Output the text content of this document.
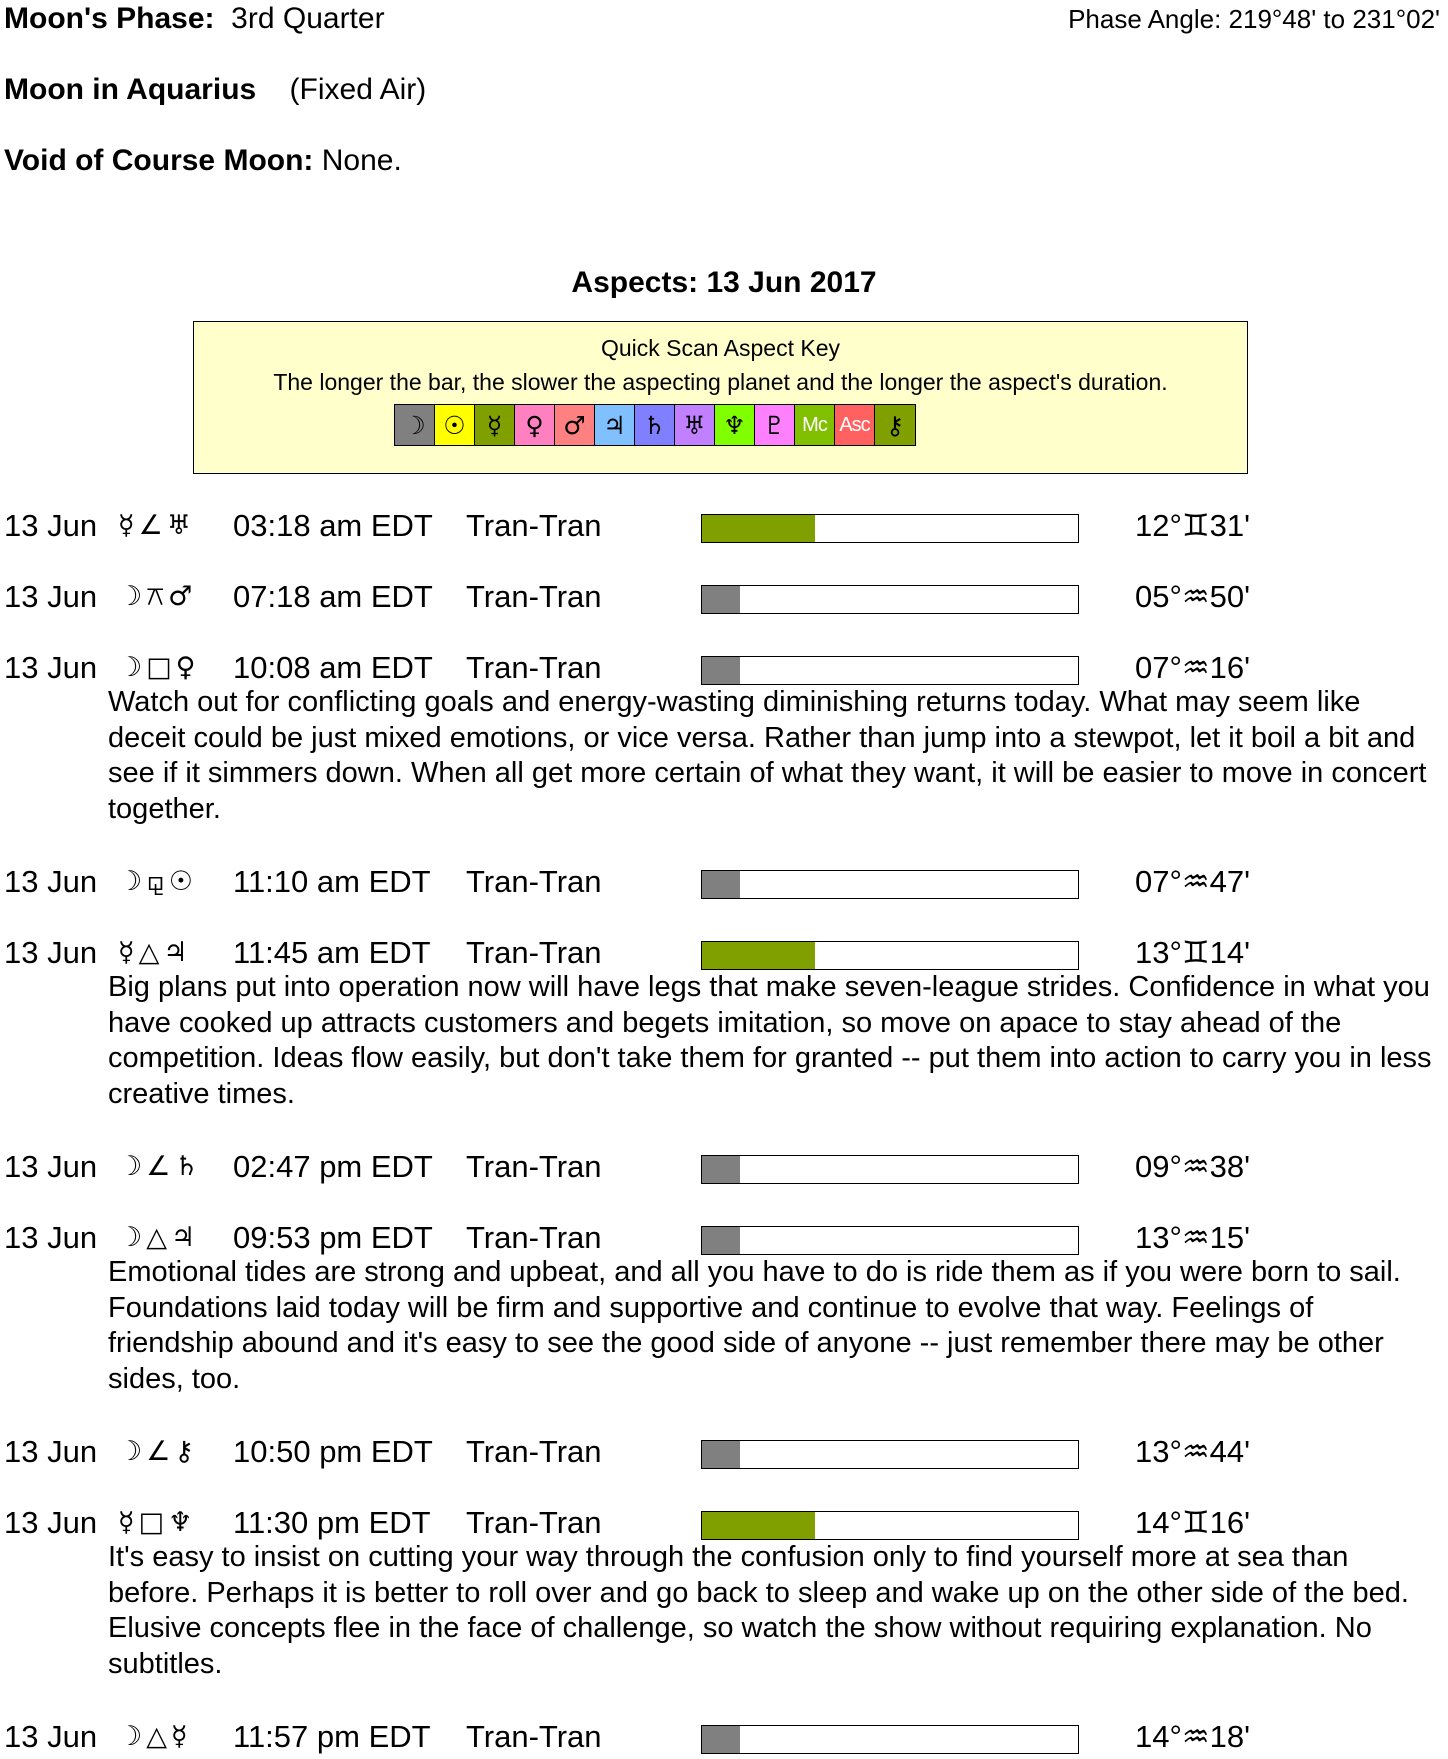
Moon's Phase: 3rd Quarter	Phase Angle: 219°48' to 231°02'
Moon in Aquarius (Fixed Air)
Void of Course Moon: None.
Aspects: 13 Jun 2017
Quick Scan Aspect Key
The longer the bar, the slower the aspecting planet and the longer the aspect's duration.
☽ ☉ ☿ ♀ ♂ ♃ ♄ ♅ ♆ ♇ Mc Asc ⚷
13 Jun ☿∠♅ 03:18 am EDT Tran-Tran	12°♊31'
13 Jun ☽⚻♂ 07:18 am EDT Tran-Tran	05°♒50'
13 Jun ☽□♀ 10:08 am EDT Tran-Tran	07°♒16'
Watch out for conflicting goals and energy-wasting diminishing returns today. What may seem like deceit could be just mixed emotions, or vice versa. Rather than jump into a stewpot, let it boil a bit and see if it simmers down. When all get more certain of what they want, it will be easier to move in concert together.
13 Jun ☽⚼☉ 11:10 am EDT Tran-Tran	07°♒47'
13 Jun ☿△♃ 11:45 am EDT Tran-Tran	13°♊14'
Big plans put into operation now will have legs that make seven-league strides. Confidence in what you have cooked up attracts customers and begets imitation, so move on apace to stay ahead of the competition. Ideas flow easily, but don't take them for granted -- put them into action to carry you in less creative times.
13 Jun ☽∠♄ 02:47 pm EDT Tran-Tran	09°♒38'
13 Jun ☽△♃ 09:53 pm EDT Tran-Tran	13°♒15'
Emotional tides are strong and upbeat, and all you have to do is ride them as if you were born to sail. Foundations laid today will be firm and supportive and continue to evolve that way. Feelings of friendship abound and it's easy to see the good side of anyone -- just remember there may be other sides, too.
13 Jun ☽∠⚷ 10:50 pm EDT Tran-Tran	13°♒44'
13 Jun ☿□♆ 11:30 pm EDT Tran-Tran	14°♊16'
It's easy to insist on cutting your way through the confusion only to find yourself more at sea than before. Perhaps it is better to roll over and go back to sleep and wake up on the other side of the bed. Elusive concepts flee in the face of challenge, so watch the show without requiring explanation. No subtitles.
13 Jun ☽△☿ 11:57 pm EDT Tran-Tran	14°♒18'
